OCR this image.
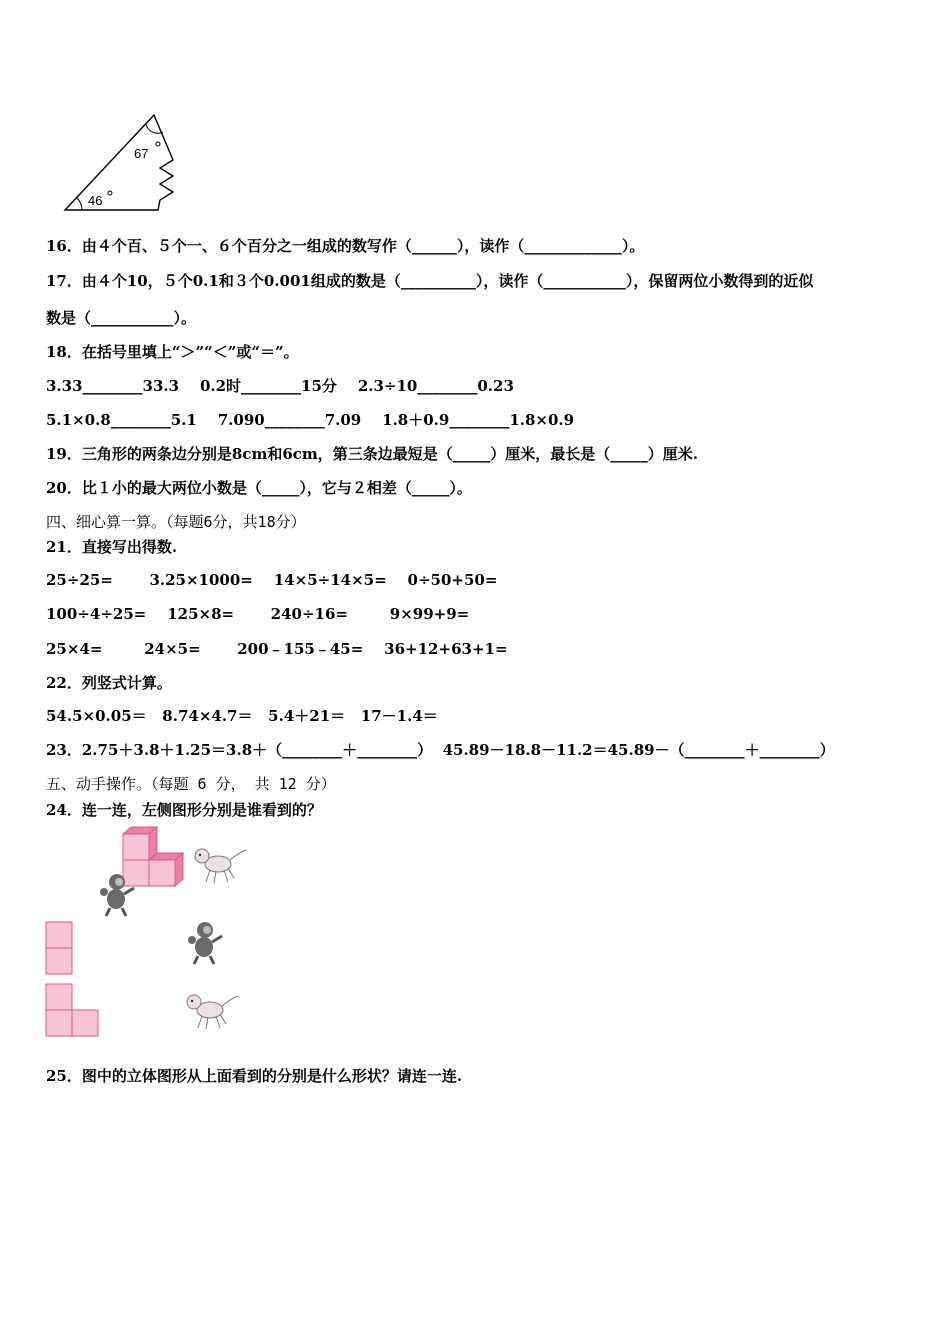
67
46
16．由４个百、５个一、６个百分之一组成的数写作（______），读作（_____________）。
17．由４个10，５个0.1和３个0.001组成的数是（__________），读作（___________），保留两位小数得到的近似
数是（___________）。
18．在括号里填上“＞”“＜”或“＝”。
3.33________33.3    0.2时________15分    2.3÷10________0.23
5.1×0.8________5.1    7.090________7.09    1.8＋0.9________1.8×0.9
19．三角形的两条边分别是8cm和6cm，第三条边最短是（_____）厘米，最长是（_____）厘米.
20．比１小的最大两位小数是（_____），它与２相差（_____）。
四、细心算一算。（每题6分，共18分）
21．直接写出得数.
25÷25=       3.25×1000=    14×5÷14×5=    0÷50+50=
100÷4÷25=    125×8=       240÷16=        9×99+9=
25×4=        24×5=       200﹣155﹣45=    36+12+63+1=
22．列竖式计算。
54.5×0.05＝   8.74×4.7＝   5.4＋21＝   17－1.4＝
23．2.75＋3.8＋1.25＝3.8＋（________＋________）  45.89－18.8－11.2＝45.89－（________＋________）
五、动手操作。（每题 6 分， 共 12 分）
24．连一连，左侧图形分别是谁看到的？
25．图中的立体图形从上面看到的分别是什么形状？请连一连.
